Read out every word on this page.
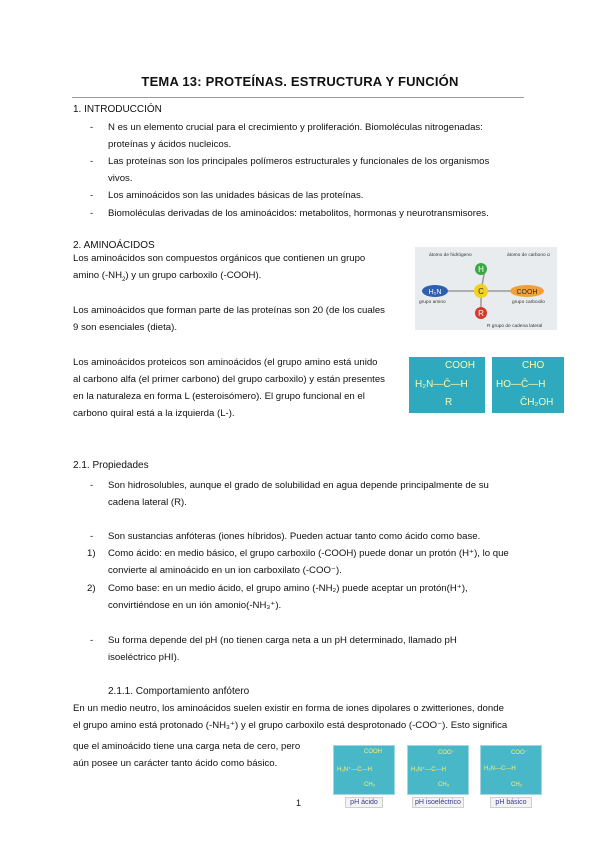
TEMA 13: PROTEÍNAS. ESTRUCTURA Y FUNCIÓN
1. INTRODUCCIÓN
- N es un elemento crucial para el crecimiento y proliferación. Biomoléculas nitrogenadas:
proteínas y ácidos nucleicos.
- Las proteínas son los principales polímeros estructurales y funcionales de los organismos
vivos.
- Los aminoácidos son las unidades básicas de las proteínas.
- Biomoléculas derivadas de los aminoácidos: metabolitos, hormonas y neurotransmisores.
2. AMINOÁCIDOS
Los aminoácidos son compuestos orgánicos que contienen un grupo
amino $(-NH_2)$ y un grupo carboxilo (-COOH).
Los aminoácidos que forman parte de las proteínas son 20 (de los cuales
9 son esenciales (dieta).
Los aminoácidos proteicos son aminoácidos (el grupo amino está unido
al carbono alfa (el primer carbono) del grupo carboxilo) y están presentes
en la naturaleza en forma L (esteroisómero). El grupo funcional en el
carbono quiral está a la izquierda (L-).
H
C
R
H₂N	COOH
átomo de hidrógeno	átomo de carbono α
grupo amino	grupo carboxilo
R grupo de cadena lateral
COOH
H₂N—C̄—H
R
CHO
HO—C̄—H
C̄H₂OH
2.1. Propiedades
- Son hidrosolubles, aunque el grado de solubilidad en agua depende principalmente de su
cadena lateral (R).
- Son sustancias anfóteras (iones híbridos). Pueden actuar tanto como ácido como base.
1) Como ácido: en medio básico, el grupo carboxilo (-COOH) puede donar un protón (H⁺), lo que
convierte al aminoácido en un ion carboxilato (-COO⁻).
2) Como base: en un medio ácido, el grupo amino (-NH₂) puede aceptar un protón(H⁺),
convirtiéndose en un ión amonio(-NH₃⁺).
- Su forma depende del pH (no tienen carga neta a un pH determinado, llamado pH
isoeléctrico pHI).
2.1.1. Comportamiento anfótero
En un medio neutro, los aminoácidos suelen existir en forma de iones dipolares o zwitteriones, donde
el grupo amino está protonado (-NH₃⁺) y el grupo carboxilo está desprotonado (-COO⁻). Esto significa
que el aminoácido tiene una carga neta de cero, pero
aún posee un carácter tanto ácido como básico.
COOH
H₃N⁺—C—H
CH₃
pH ácido
COO⁻
H₃N⁺—C—H
CH₃
pH isoeléctrico
COO⁻
H₂N—C—H
CH₃
pH básico
1
